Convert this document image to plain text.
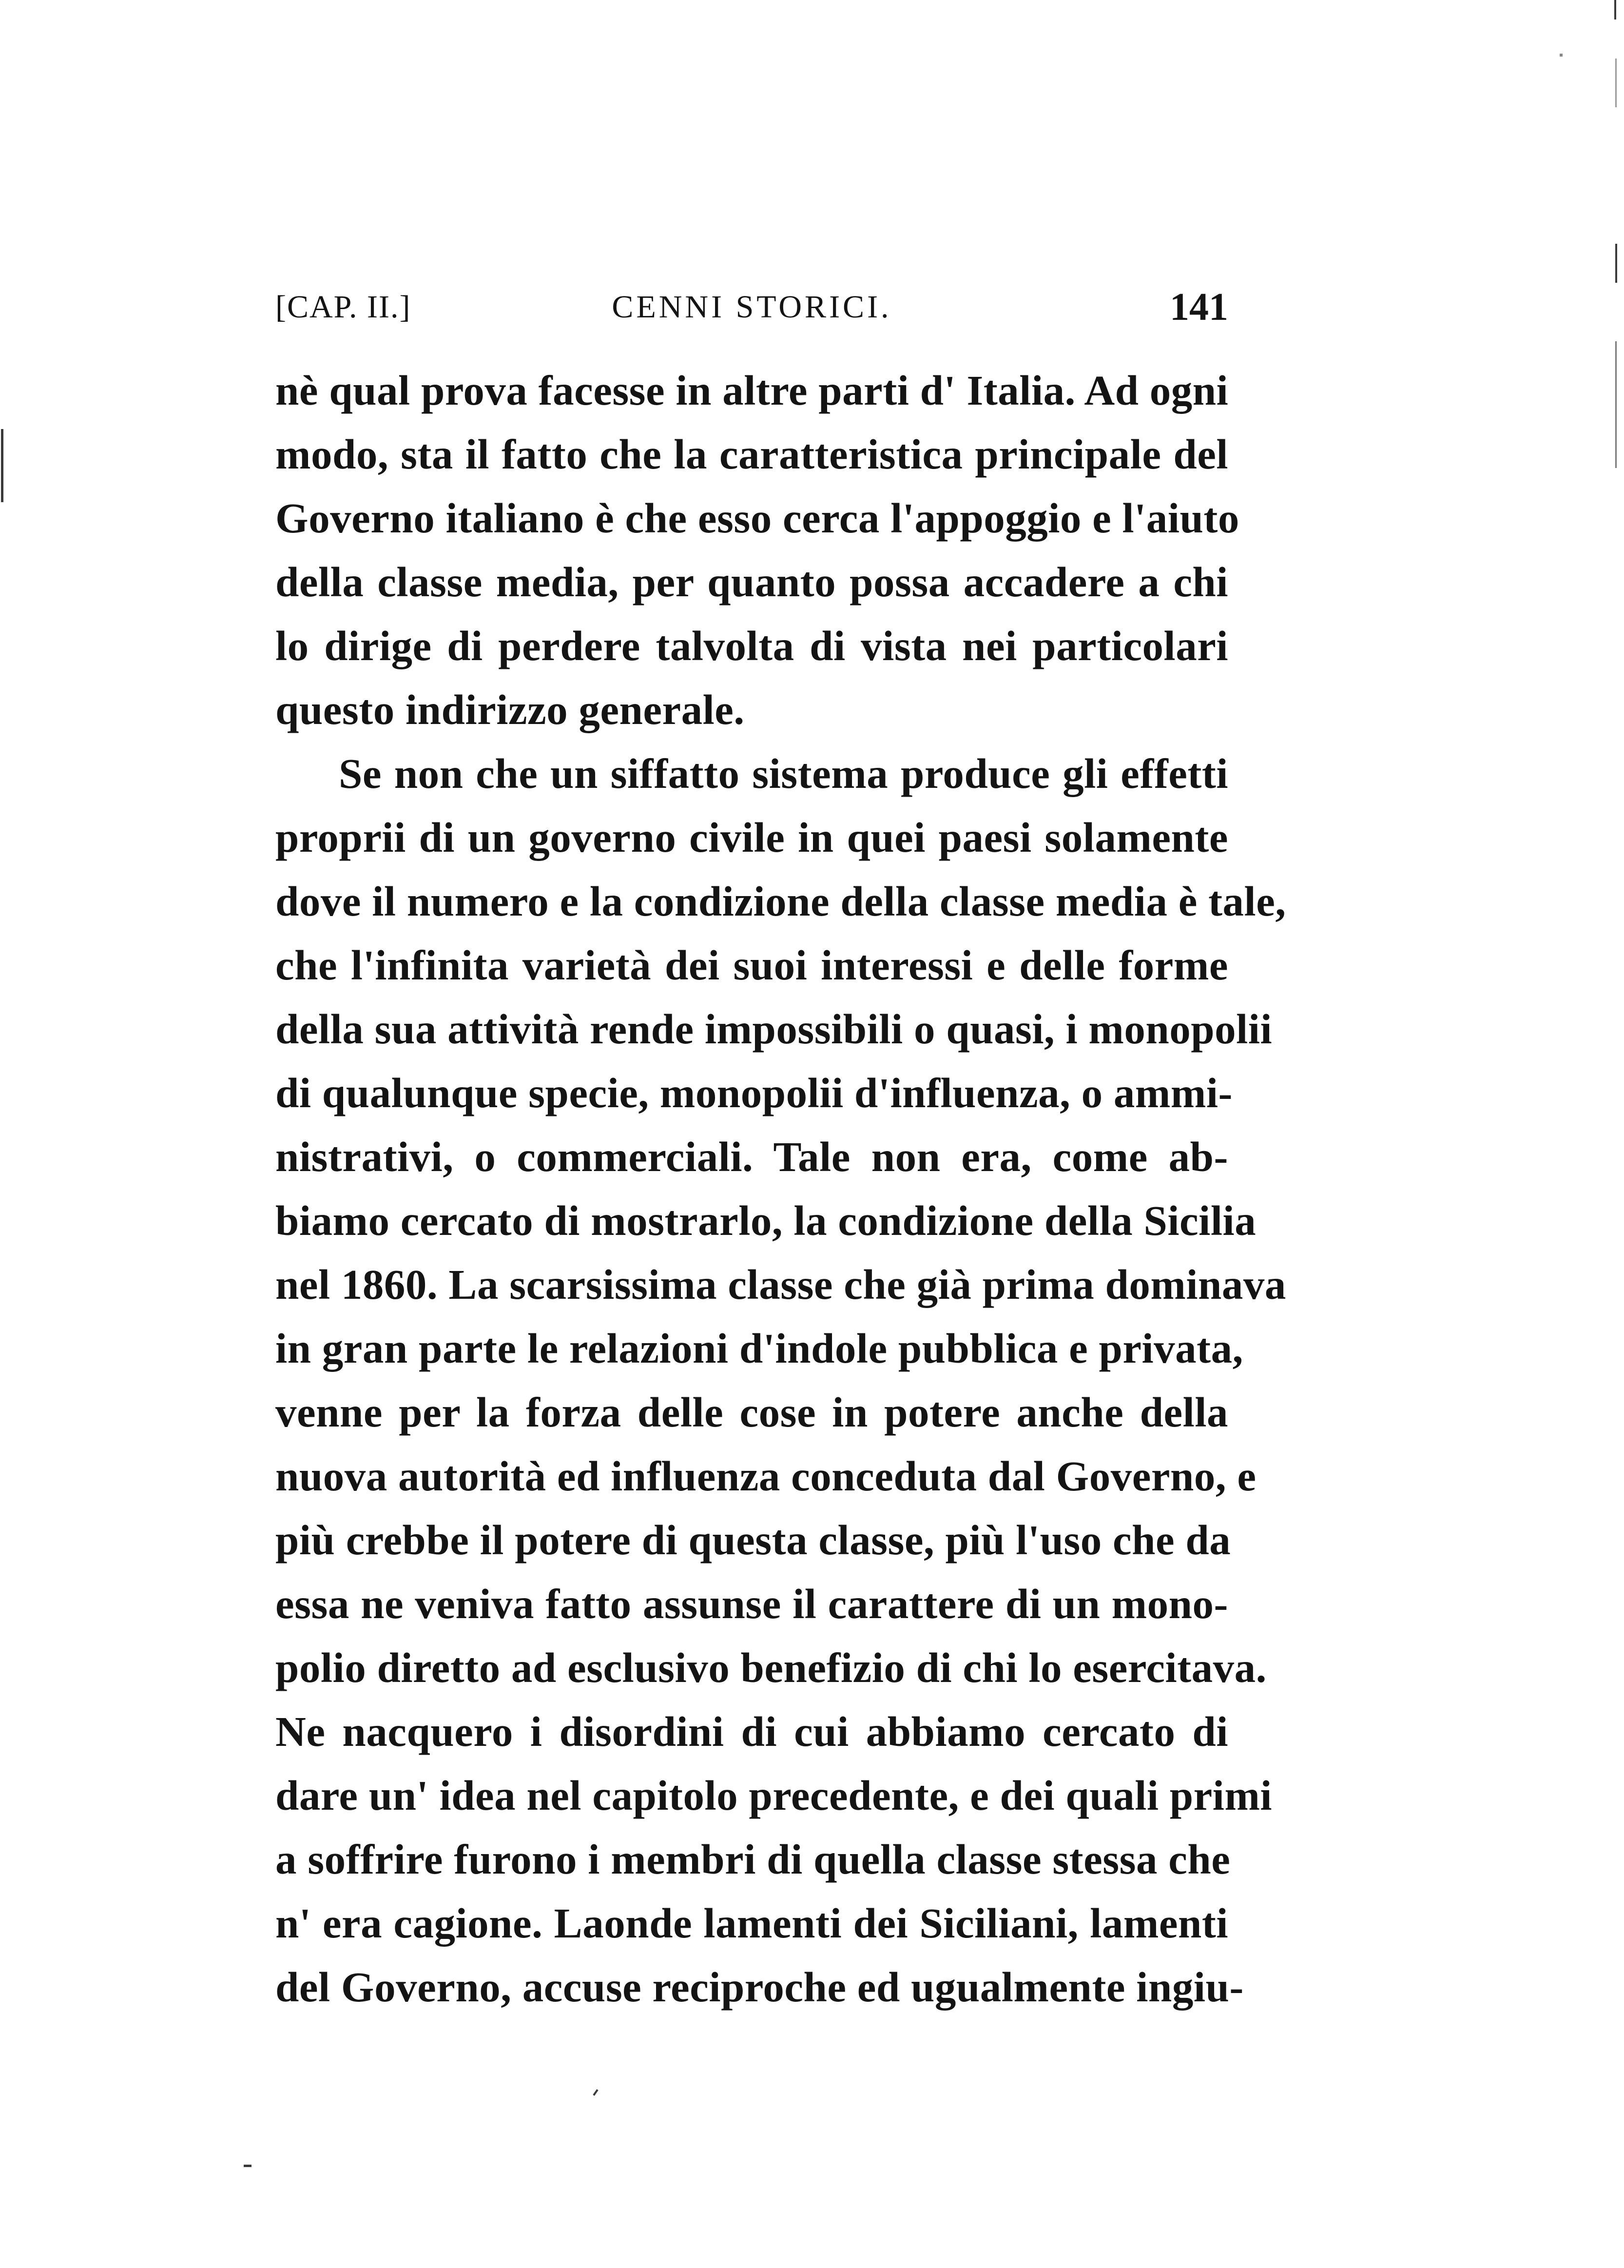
[CAP. II.]	CENNI STORICI.	141
nè qual prova facesse in altre parti d' Italia. Ad ogni
modo, sta il fatto che la caratteristica principale del
Governo italiano è che esso cerca l'appoggio e l'aiuto
della classe media, per quanto possa accadere a chi
lo dirige di perdere talvolta di vista nei particolari
questo indirizzo generale.
Se non che un siffatto sistema produce gli effetti
proprii di un governo civile in quei paesi solamente
dove il numero e la condizione della classe media è tale,
che l'infinita varietà dei suoi interessi e delle forme
della sua attività rende impossibili o quasi, i monopolii
di qualunque specie, monopolii d'influenza, o ammi-
nistrativi, o commerciali. Tale non era, come ab-
biamo cercato di mostrarlo, la condizione della Sicilia
nel 1860. La scarsissima classe che già prima dominava
in gran parte le relazioni d'indole pubblica e privata,
venne per la forza delle cose in potere anche della
nuova autorità ed influenza conceduta dal Governo, e
più crebbe il potere di questa classe, più l'uso che da
essa ne veniva fatto assunse il carattere di un mono-
polio diretto ad esclusivo benefizio di chi lo esercitava.
Ne nacquero i disordini di cui abbiamo cercato di
dare un' idea nel capitolo precedente, e dei quali primi
a soffrire furono i membri di quella classe stessa che
n' era cagione. Laonde lamenti dei Siciliani, lamenti
del Governo, accuse reciproche ed ugualmente ingiu-
